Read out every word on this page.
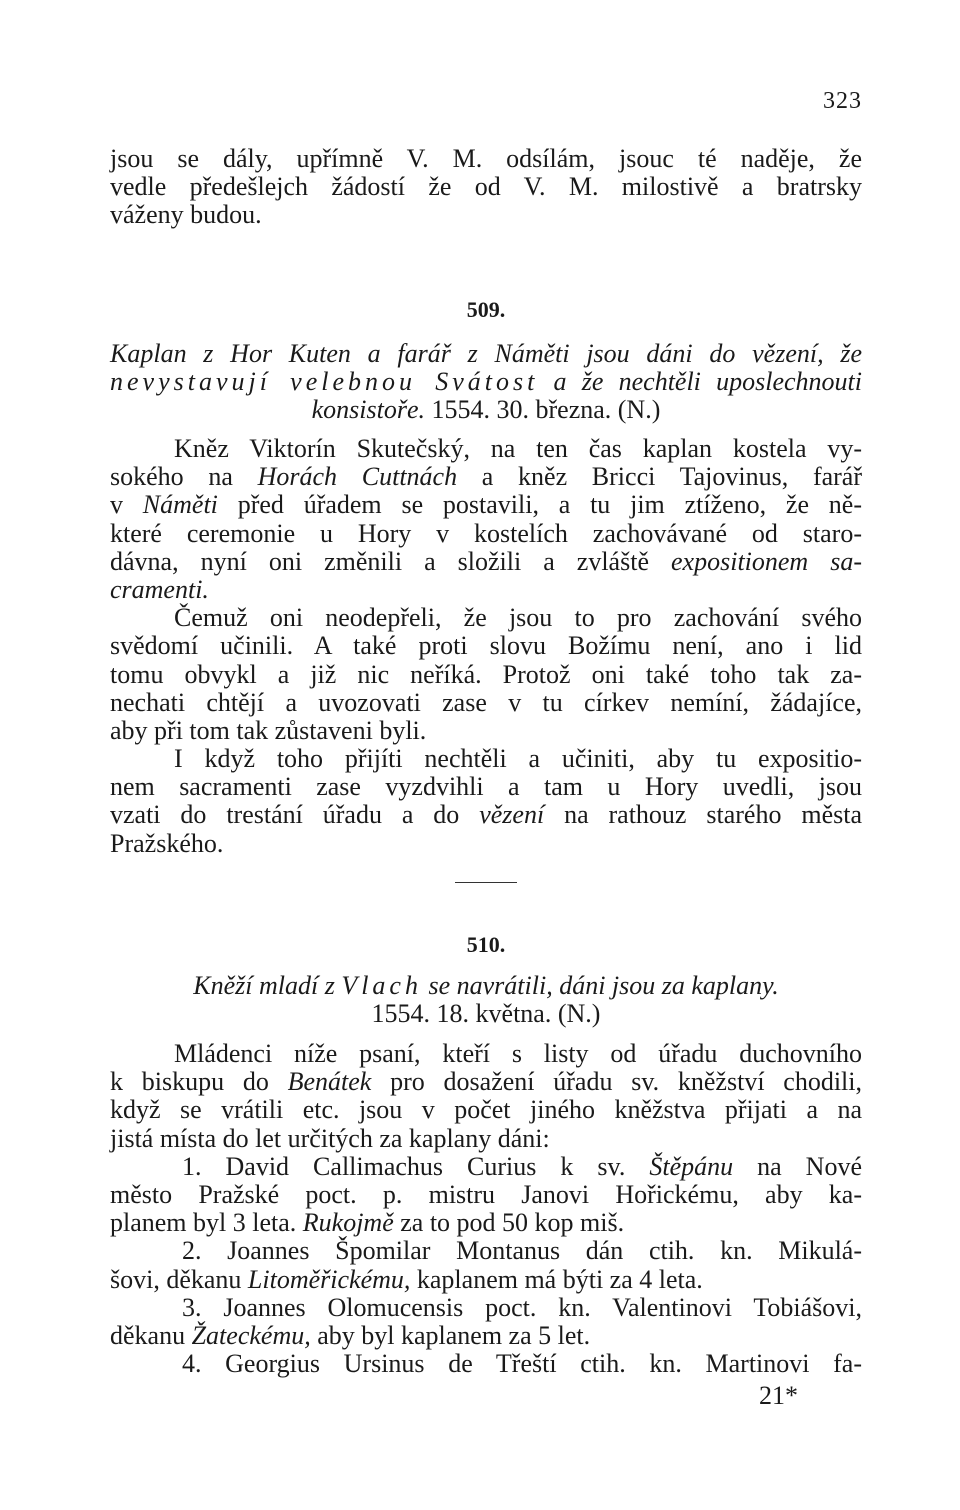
323
jsou se dály, upřímně V. M. odsílám, jsouc té naděje, že
vedle předešlejch žádostí že od V. M. milostivě a bratrsky
váženy budou.
509.
Kaplan z Hor Kuten a farář z Náměti jsou dáni do vězení, že
nevystavují velebnou Svátost a že nechtěli uposlechnouti
konsistoře. 1554. 30. března. (N.)
Kněz Viktorín Skutečský, na ten čas kaplan kostela vy-
sokého na Horách Cuttnách a kněz Bricci Tajovinus, farář
v Náměti před úřadem se postavili, a tu jim ztíženo, že ně-
které ceremonie u Hory v kostelích zachovávané od staro-
dávna, nyní oni změnili a složili a zvláště expositionem sa-
cramenti.
Čemuž oni neodepřeli, že jsou to pro zachování svého
svědomí učinili. A také proti slovu Božímu není, ano i lid
tomu obvykl a již nic neříká. Protož oni také toho tak za-
nechati chtějí a uvozovati zase v tu církev nemíní, žádajíce,
aby při tom tak zůstaveni byli.
I když toho přijíti nechtěli a učiniti, aby tu expositio-
nem sacramenti zase vyzdvihli a tam u Hory uvedli, jsou
vzati do trestání úřadu a do vězení na rathouz starého města
Pražského.
510.
Kněží mladí z Vlach se navrátili, dáni jsou za kaplany.
1554. 18. května. (N.)
Mládenci níže psaní, kteří s listy od úřadu duchovního
k biskupu do Benátek pro dosažení úřadu sv. kněžství chodili,
když se vrátili etc. jsou v počet jiného kněžstva přijati a na
jistá místa do let určitých za kaplany dáni:
1. David Callimachus Curius k sv. Štěpánu na Nové
město Pražské poct. p. mistru Janovi Hořickému, aby ka-
planem byl 3 leta. Rukojmě za to pod 50 kop miš.
2. Joannes Špomilar Montanus dán ctih. kn. Mikulá-
šovi, děkanu Litoměřickému, kaplanem má býti za 4 leta.
3. Joannes Olomucensis poct. kn. Valentinovi Tobiášovi,
děkanu Žateckému, aby byl kaplanem za 5 let.
4. Georgius Ursinus de Třeští ctih. kn. Martinovi fa-
21*
